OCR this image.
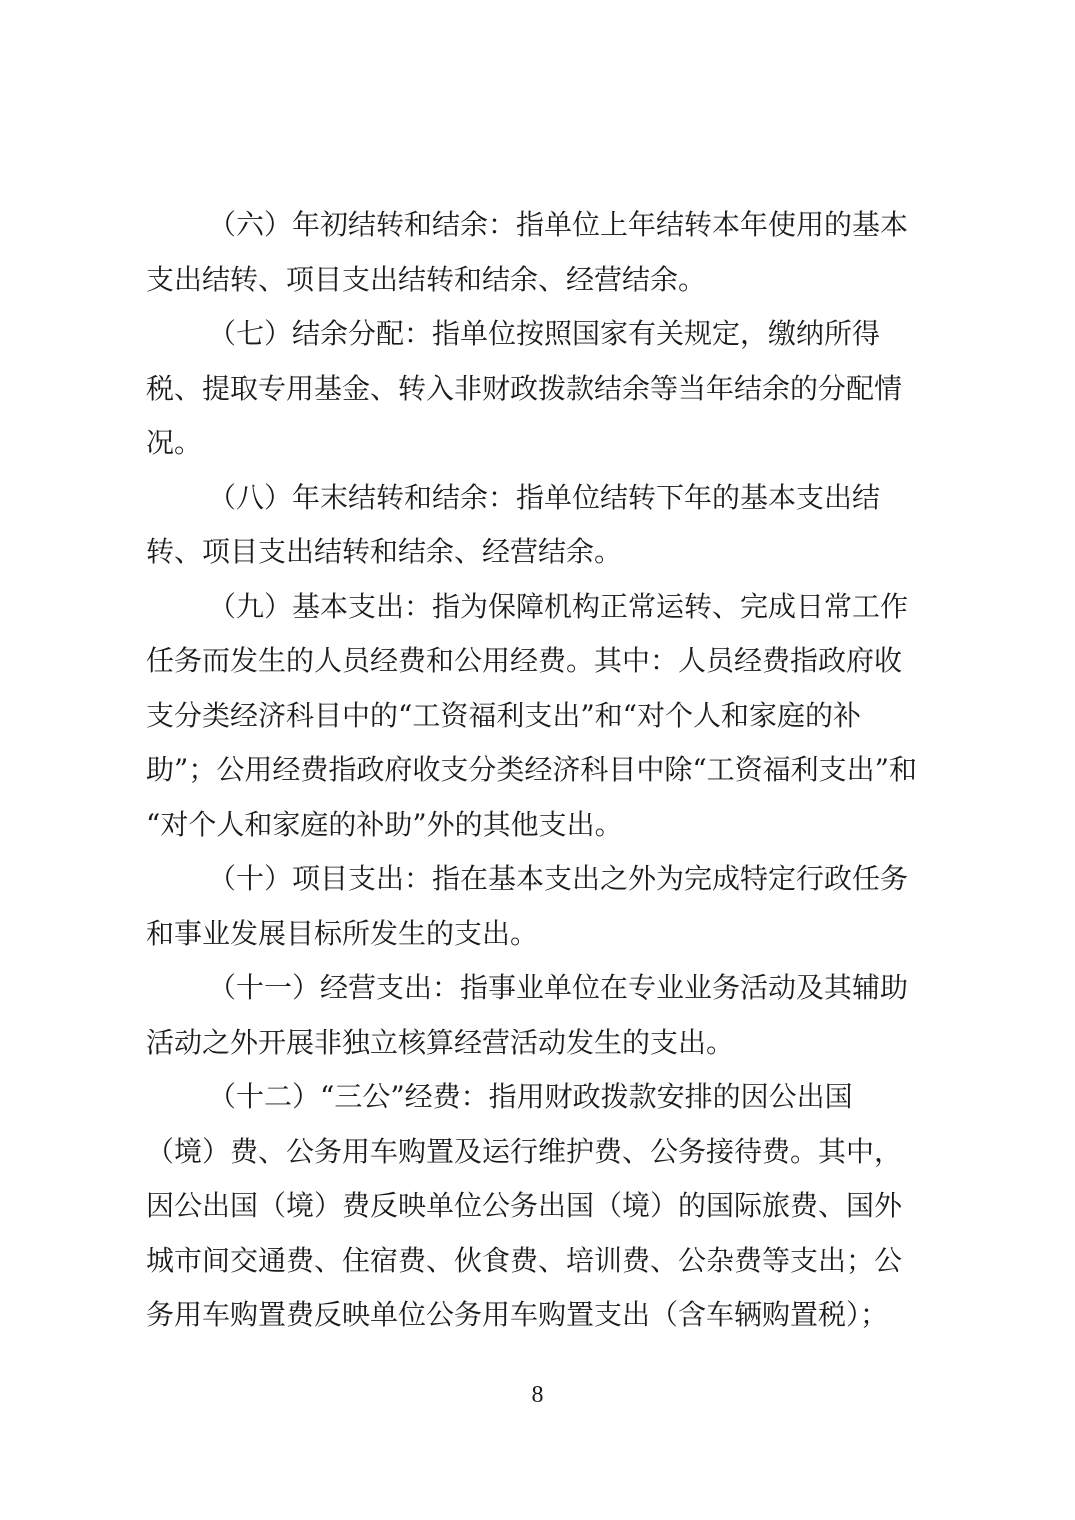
（六）年初结转和结余：指单位上年结转本年使用的基本
支出结转、项目支出结转和结余、经营结余。
（七）结余分配：指单位按照国家有关规定，缴纳所得
税、提取专用基金、转入非财政拨款结余等当年结余的分配情
况。
（八）年末结转和结余：指单位结转下年的基本支出结
转、项目支出结转和结余、经营结余。
（九）基本支出：指为保障机构正常运转、完成日常工作
任务而发生的人员经费和公用经费。其中：人员经费指政府收
支分类经济科目中的“工资福利支出”和“对个人和家庭的补
助”；公用经费指政府收支分类经济科目中除“工资福利支出”和
“对个人和家庭的补助”外的其他支出。
（十）项目支出：指在基本支出之外为完成特定行政任务
和事业发展目标所发生的支出。
（十一）经营支出：指事业单位在专业业务活动及其辅助
活动之外开展非独立核算经营活动发生的支出。
（十二）“三公”经费：指用财政拨款安排的因公出国
（境）费、公务用车购置及运行维护费、公务接待费。其中，
因公出国（境）费反映单位公务出国（境）的国际旅费、国外
城市间交通费、住宿费、伙食费、培训费、公杂费等支出；公
务用车购置费反映单位公务用车购置支出（含车辆购置税）；
8
